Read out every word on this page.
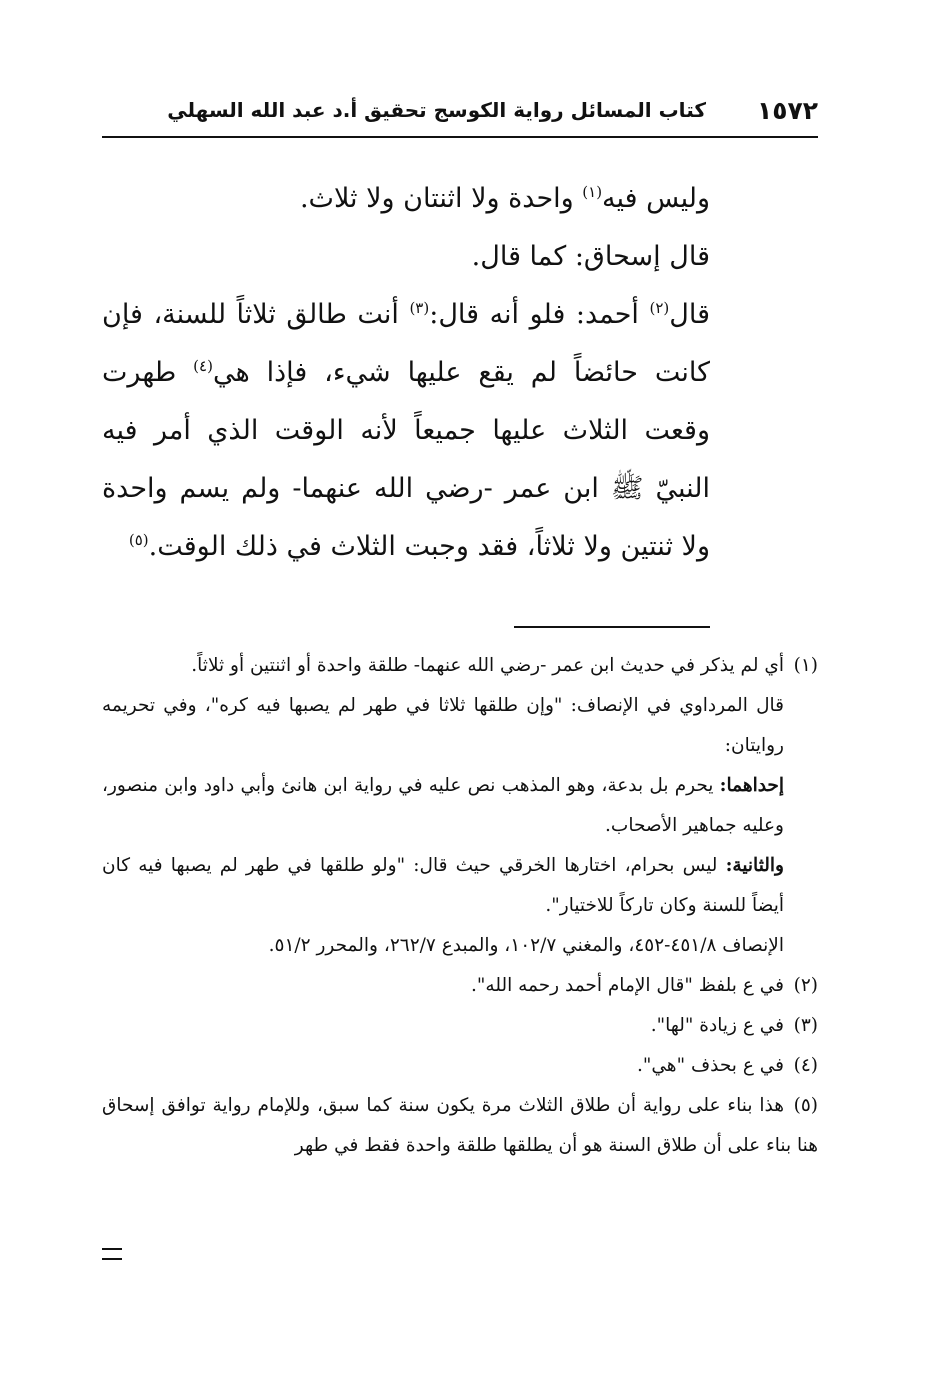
١٥٧٢
كتاب المسائل رواية الكوسج تحقيق أ.د عبد الله السهلي

وليس فيه$^{(١)}$ واحدة ولا اثنتان ولا ثلاث.

قال إسحاق: كما قال.

قال$^{(٢)}$ أحمد: فلو أنه قال:$^{(٣)}$ أنت طالق ثلاثاً للسنة، فإن كانت حائضاً لم يقع عليها شيء، فإذا هي$^{(٤)}$ طهرت وقعت الثلاث عليها جميعاً لأنه الوقت الذي أمر فيه النبيّ ﷺ ابن عمر -رضي الله عنهما- ولم يسم واحدة ولا ثنتين ولا ثلاثاً، فقد وجبت الثلاث في ذلك الوقت.$^{(٥)}$

(١)أي لم يذكر في حديث ابن عمر -رضي الله عنهما- طلقة واحدة أو اثنتين أو ثلاثاً.

قال المرداوي في الإنصاف: "وإن طلقها ثلاثا في طهر لم يصبها فيه كره"، وفي تحريمه روايتان:

إحداهما: يحرم بل بدعة، وهو المذهب نص عليه في رواية ابن هانئ وأبي داود وابن منصور، وعليه جماهير الأصحاب.

والثانية: ليس بحرام، اختارها الخرقي حيث قال: "ولو طلقها في طهر لم يصبها فيه كان أيضاً للسنة وكان تاركاً للاختيار".

الإنصاف ٤٥١/٨-٤٥٢، والمغني ١٠٢/٧، والمبدع ٢٦٢/٧، والمحرر ٥١/٢.

(٢)في ع بلفظ "قال الإمام أحمد رحمه الله".

(٣)في ع زيادة "لها".

(٤)في ع بحذف "هي".

(٥)هذا بناء على رواية أن طلاق الثلاث مرة يكون سنة كما سبق، وللإمام رواية توافق إسحاق هنا بناء على أن طلاق السنة هو أن يطلقها طلقة واحدة فقط في طهر
